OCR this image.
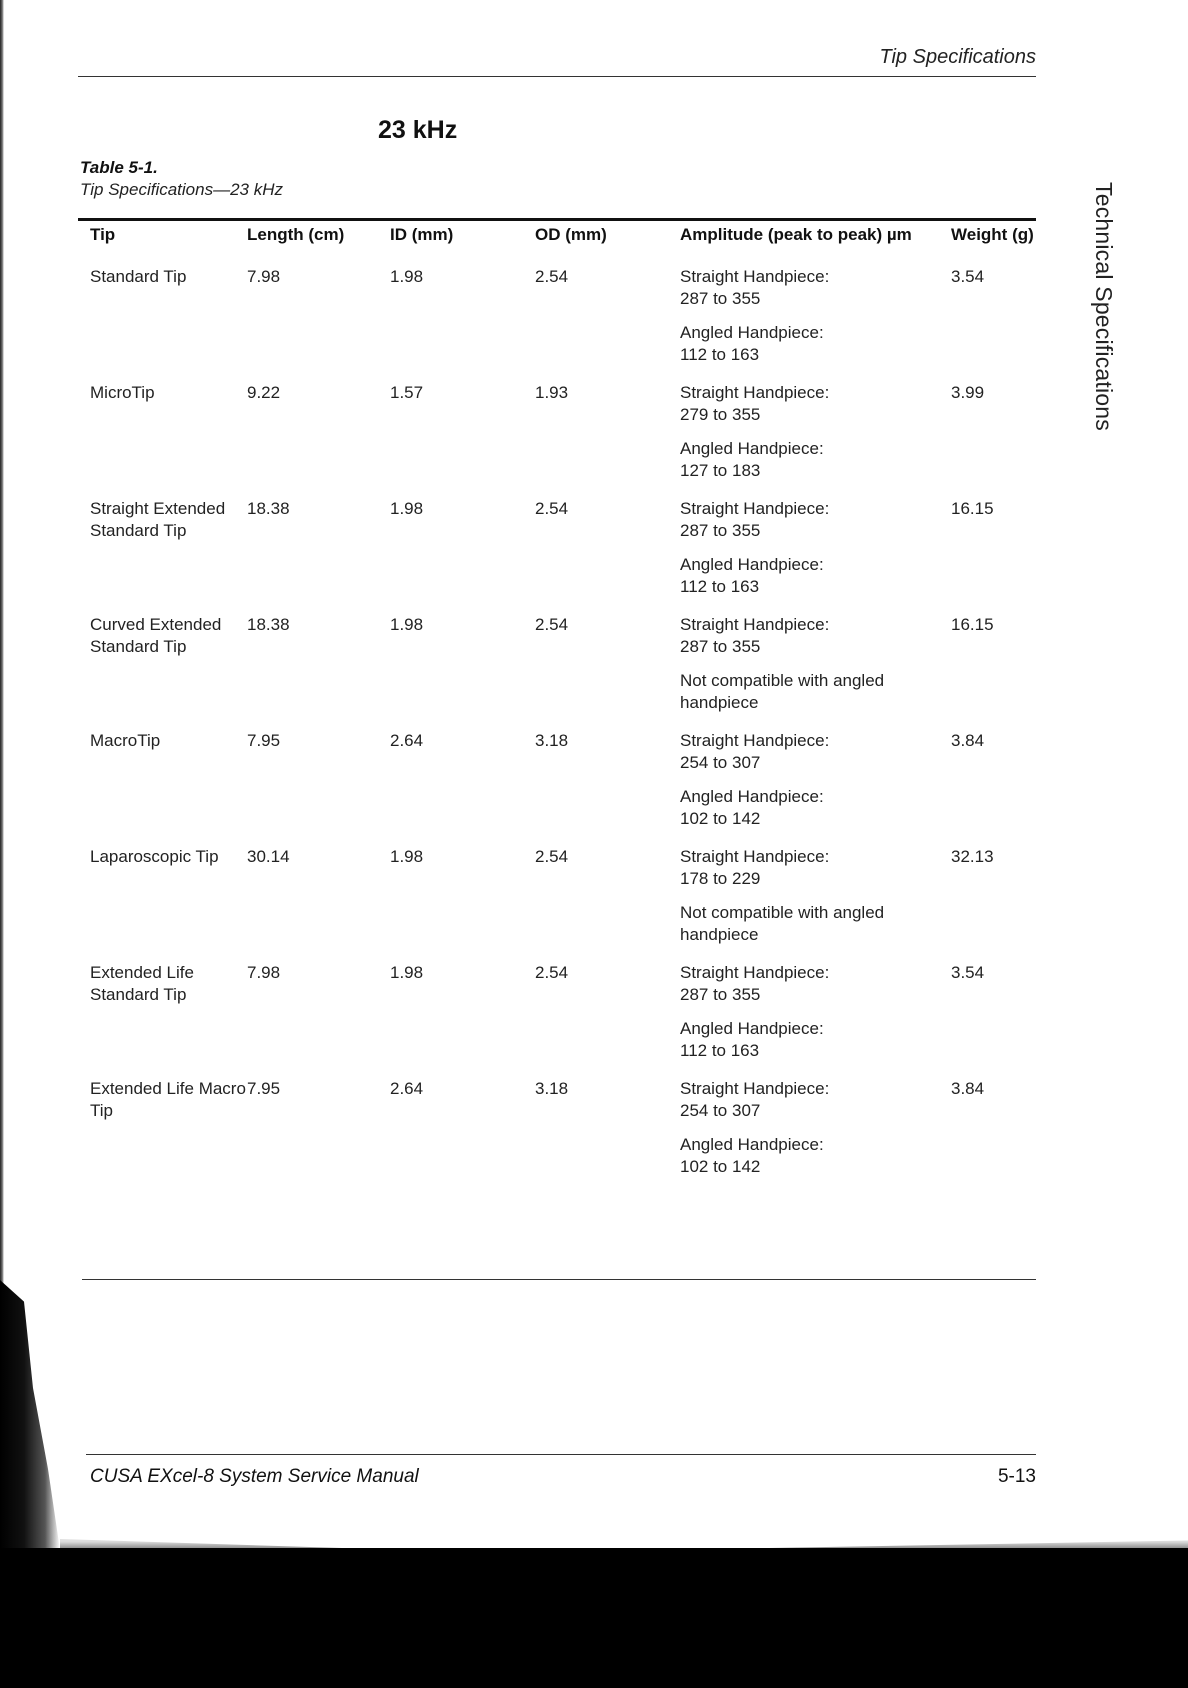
Tip Specifications
Technical Specifications
23 kHz
Table 5-1.
Tip Specifications—23 kHz
Tip	Length (cm)	ID (mm)	OD (mm)	Amplitude (peak to peak) µm	Weight (g)
Standard Tip	7.98	1.98	2.54	Straight Handpiece:
287 to 355
Angled Handpiece:
112 to 163	3.54
MicroTip	9.22	1.57	1.93	Straight Handpiece:
279 to 355
Angled Handpiece:
127 to 183	3.99
Straight Extended Standard Tip	18.38	1.98	2.54	Straight Handpiece:
287 to 355
Angled Handpiece:
112 to 163	16.15
Curved Extended Standard Tip	18.38	1.98	2.54	Straight Handpiece:
287 to 355
Not compatible with angled
handpiece	16.15
MacroTip	7.95	2.64	3.18	Straight Handpiece:
254 to 307
Angled Handpiece:
102 to 142	3.84
Laparoscopic Tip	30.14	1.98	2.54	Straight Handpiece:
178 to 229
Not compatible with angled
handpiece	32.13
Extended Life Standard Tip	7.98	1.98	2.54	Straight Handpiece:
287 to 355
Angled Handpiece:
112 to 163	3.54
Extended Life Macro Tip	7.95	2.64	3.18	Straight Handpiece:
254 to 307
Angled Handpiece:
102 to 142	3.84
CUSA EXcel-8 System Service Manual	5-13
